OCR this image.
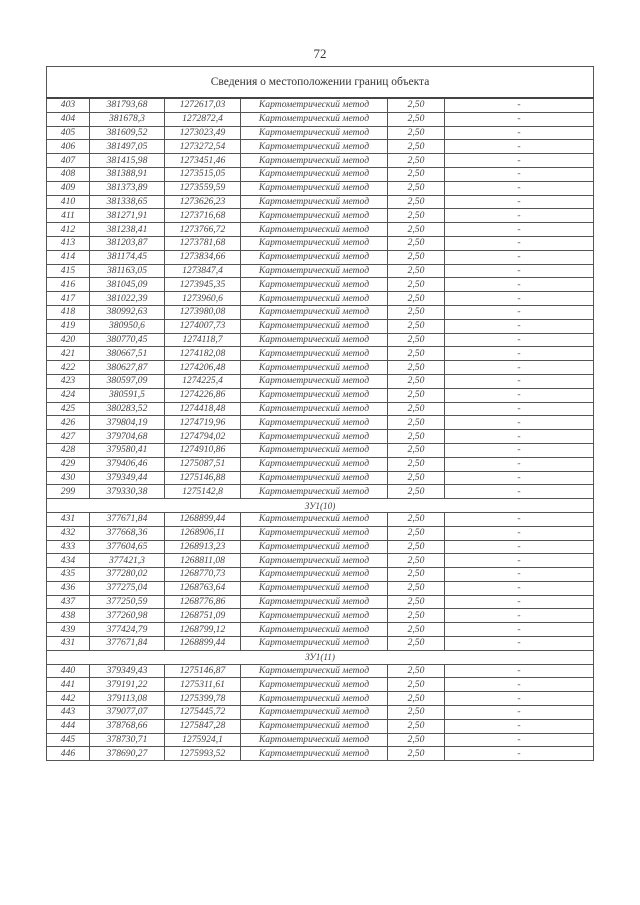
72
Сведения о местоположении границ объекта					
403	381793,68	1272617,03	Картометрический метод	2,50	-
404	381678,3	1272872,4	Картометрический метод	2,50	-
405	381609,52	1273023,49	Картометрический метод	2,50	-
406	381497,05	1273272,54	Картометрический метод	2,50	-
407	381415,98	1273451,46	Картометрический метод	2,50	-
408	381388,91	1273515,05	Картометрический метод	2,50	-
409	381373,89	1273559,59	Картометрический метод	2,50	-
410	381338,65	1273626,23	Картометрический метод	2,50	-
411	381271,91	1273716,68	Картометрический метод	2,50	-
412	381238,41	1273766,72	Картометрический метод	2,50	-
413	381203,87	1273781,68	Картометрический метод	2,50	-
414	381174,45	1273834,66	Картометрический метод	2,50	-
415	381163,05	1273847,4	Картометрический метод	2,50	-
416	381045,09	1273945,35	Картометрический метод	2,50	-
417	381022,39	1273960,6	Картометрический метод	2,50	-
418	380992,63	1273980,08	Картометрический метод	2,50	-
419	380950,6	1274007,73	Картометрический метод	2,50	-
420	380770,45	1274118,7	Картометрический метод	2,50	-
421	380667,51	1274182,08	Картометрический метод	2,50	-
422	380627,87	1274206,48	Картометрический метод	2,50	-
423	380597,09	1274225,4	Картометрический метод	2,50	-
424	380591,5	1274226,86	Картометрический метод	2,50	-
425	380283,52	1274418,48	Картометрический метод	2,50	-
426	379804,19	1274719,96	Картометрический метод	2,50	-
427	379704,68	1274794,02	Картометрический метод	2,50	-
428	379580,41	1274910,86	Картометрический метод	2,50	-
429	379406,46	1275087,51	Картометрический метод	2,50	-
430	379349,44	1275146,88	Картометрический метод	2,50	-
299	379330,38	1275142,8	Картометрический метод	2,50	-
ЗУ1(10)					
431	377671,84	1268899,44	Картометрический метод	2,50	-
432	377668,36	1268906,11	Картометрический метод	2,50	-
433	377604,65	1268913,23	Картометрический метод	2,50	-
434	377421,3	1268811,08	Картометрический метод	2,50	-
435	377280,02	1268770,73	Картометрический метод	2,50	-
436	377275,04	1268763,64	Картометрический метод	2,50	-
437	377250,59	1268776,86	Картометрический метод	2,50	-
438	377260,98	1268751,09	Картометрический метод	2,50	-
439	377424,79	1268799,12	Картометрический метод	2,50	-
431	377671,84	1268899,44	Картометрический метод	2,50	-
ЗУ1(11)					
440	379349,43	1275146,87	Картометрический метод	2,50	-
441	379191,22	1275311,61	Картометрический метод	2,50	-
442	379113,08	1275399,78	Картометрический метод	2,50	-
443	379077,07	1275445,72	Картометрический метод	2,50	-
444	378768,66	1275847,28	Картометрический метод	2,50	-
445	378730,71	1275924,1	Картометрический метод	2,50	-
446	378690,27	1275993,52	Картометрический метод	2,50	-
